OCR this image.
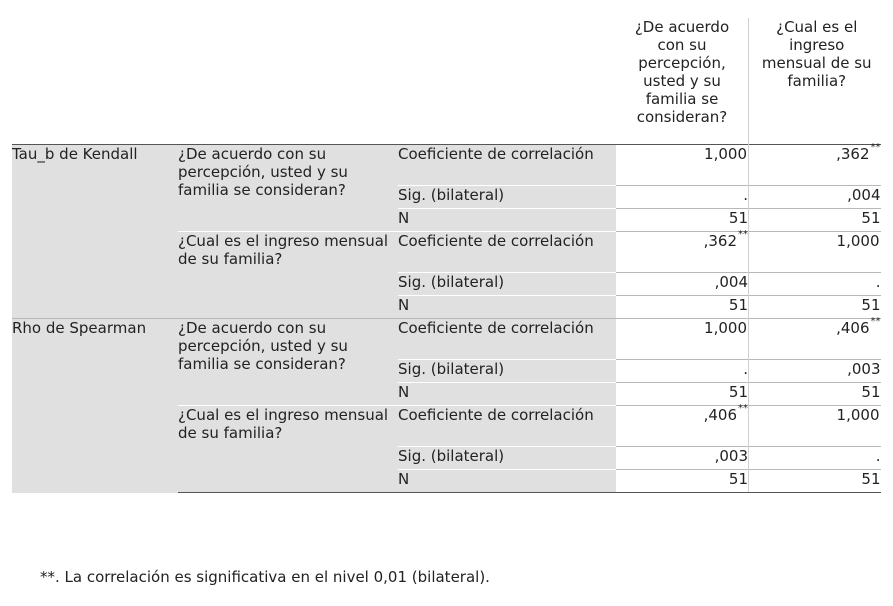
			¿De acuerdo con su percepción, usted y su familia se consideran?	¿Cual es el ingreso mensual de su familia?
Tau_b de Kendall	¿De acuerdo con su percepción, usted y su familia se consideran?	Coeficiente de correlación	1,000	,362**
		Sig. (bilateral)	.	,004
		N	51	51
	¿Cual es el ingreso mensual de su familia?	Coeficiente de correlación	,362**	1,000
		Sig. (bilateral)	,004	.
		N	51	51
Rho de Spearman	¿De acuerdo con su percepción, usted y su familia se consideran?	Coeficiente de correlación	1,000	,406**
		Sig. (bilateral)	.	,003
		N	51	51
	¿Cual es el ingreso mensual de su familia?	Coeficiente de correlación	,406**	1,000
		Sig. (bilateral)	,003	.
		N	51	51
**. La correlación es significativa en el nivel 0,01 (bilateral).
